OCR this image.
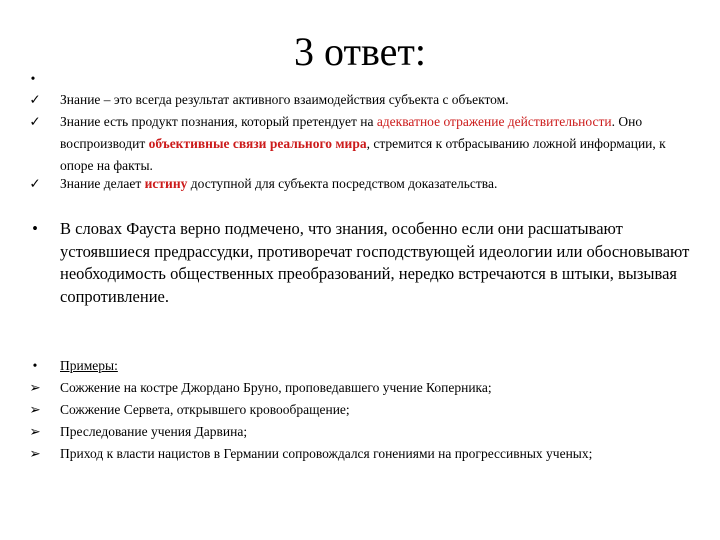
3 ответ:
•
✓	Знание – это всегда результат активного взаимодействия субъекта с объектом.
✓	Знание есть продукт познания, который претендует на адекватное отражение действительности. Оно воспроизводит объективные связи реального мира, стремится к отбрасыванию ложной информации, к опоре на факты.
✓	Знание делает истину доступной для субъекта посредством доказательства.
•	В словах Фауста верно подмечено, что знания, особенно если они расшатывают устоявшиеся предрассудки, противоречат господствующей идеологии или обосновывают необходимость общественных преобразований, нередко встречаются в штыки, вызывая сопротивление.
•	Примеры:
➢	Сожжение на костре Джордано Бруно, проповедавшего учение Коперника;
➢	Сожжение Сервета, открывшего кровообращение;
➢	Преследование учения Дарвина;
➢	Приход к власти нацистов в Германии сопровождался гонениями на прогрессивных ученых;
